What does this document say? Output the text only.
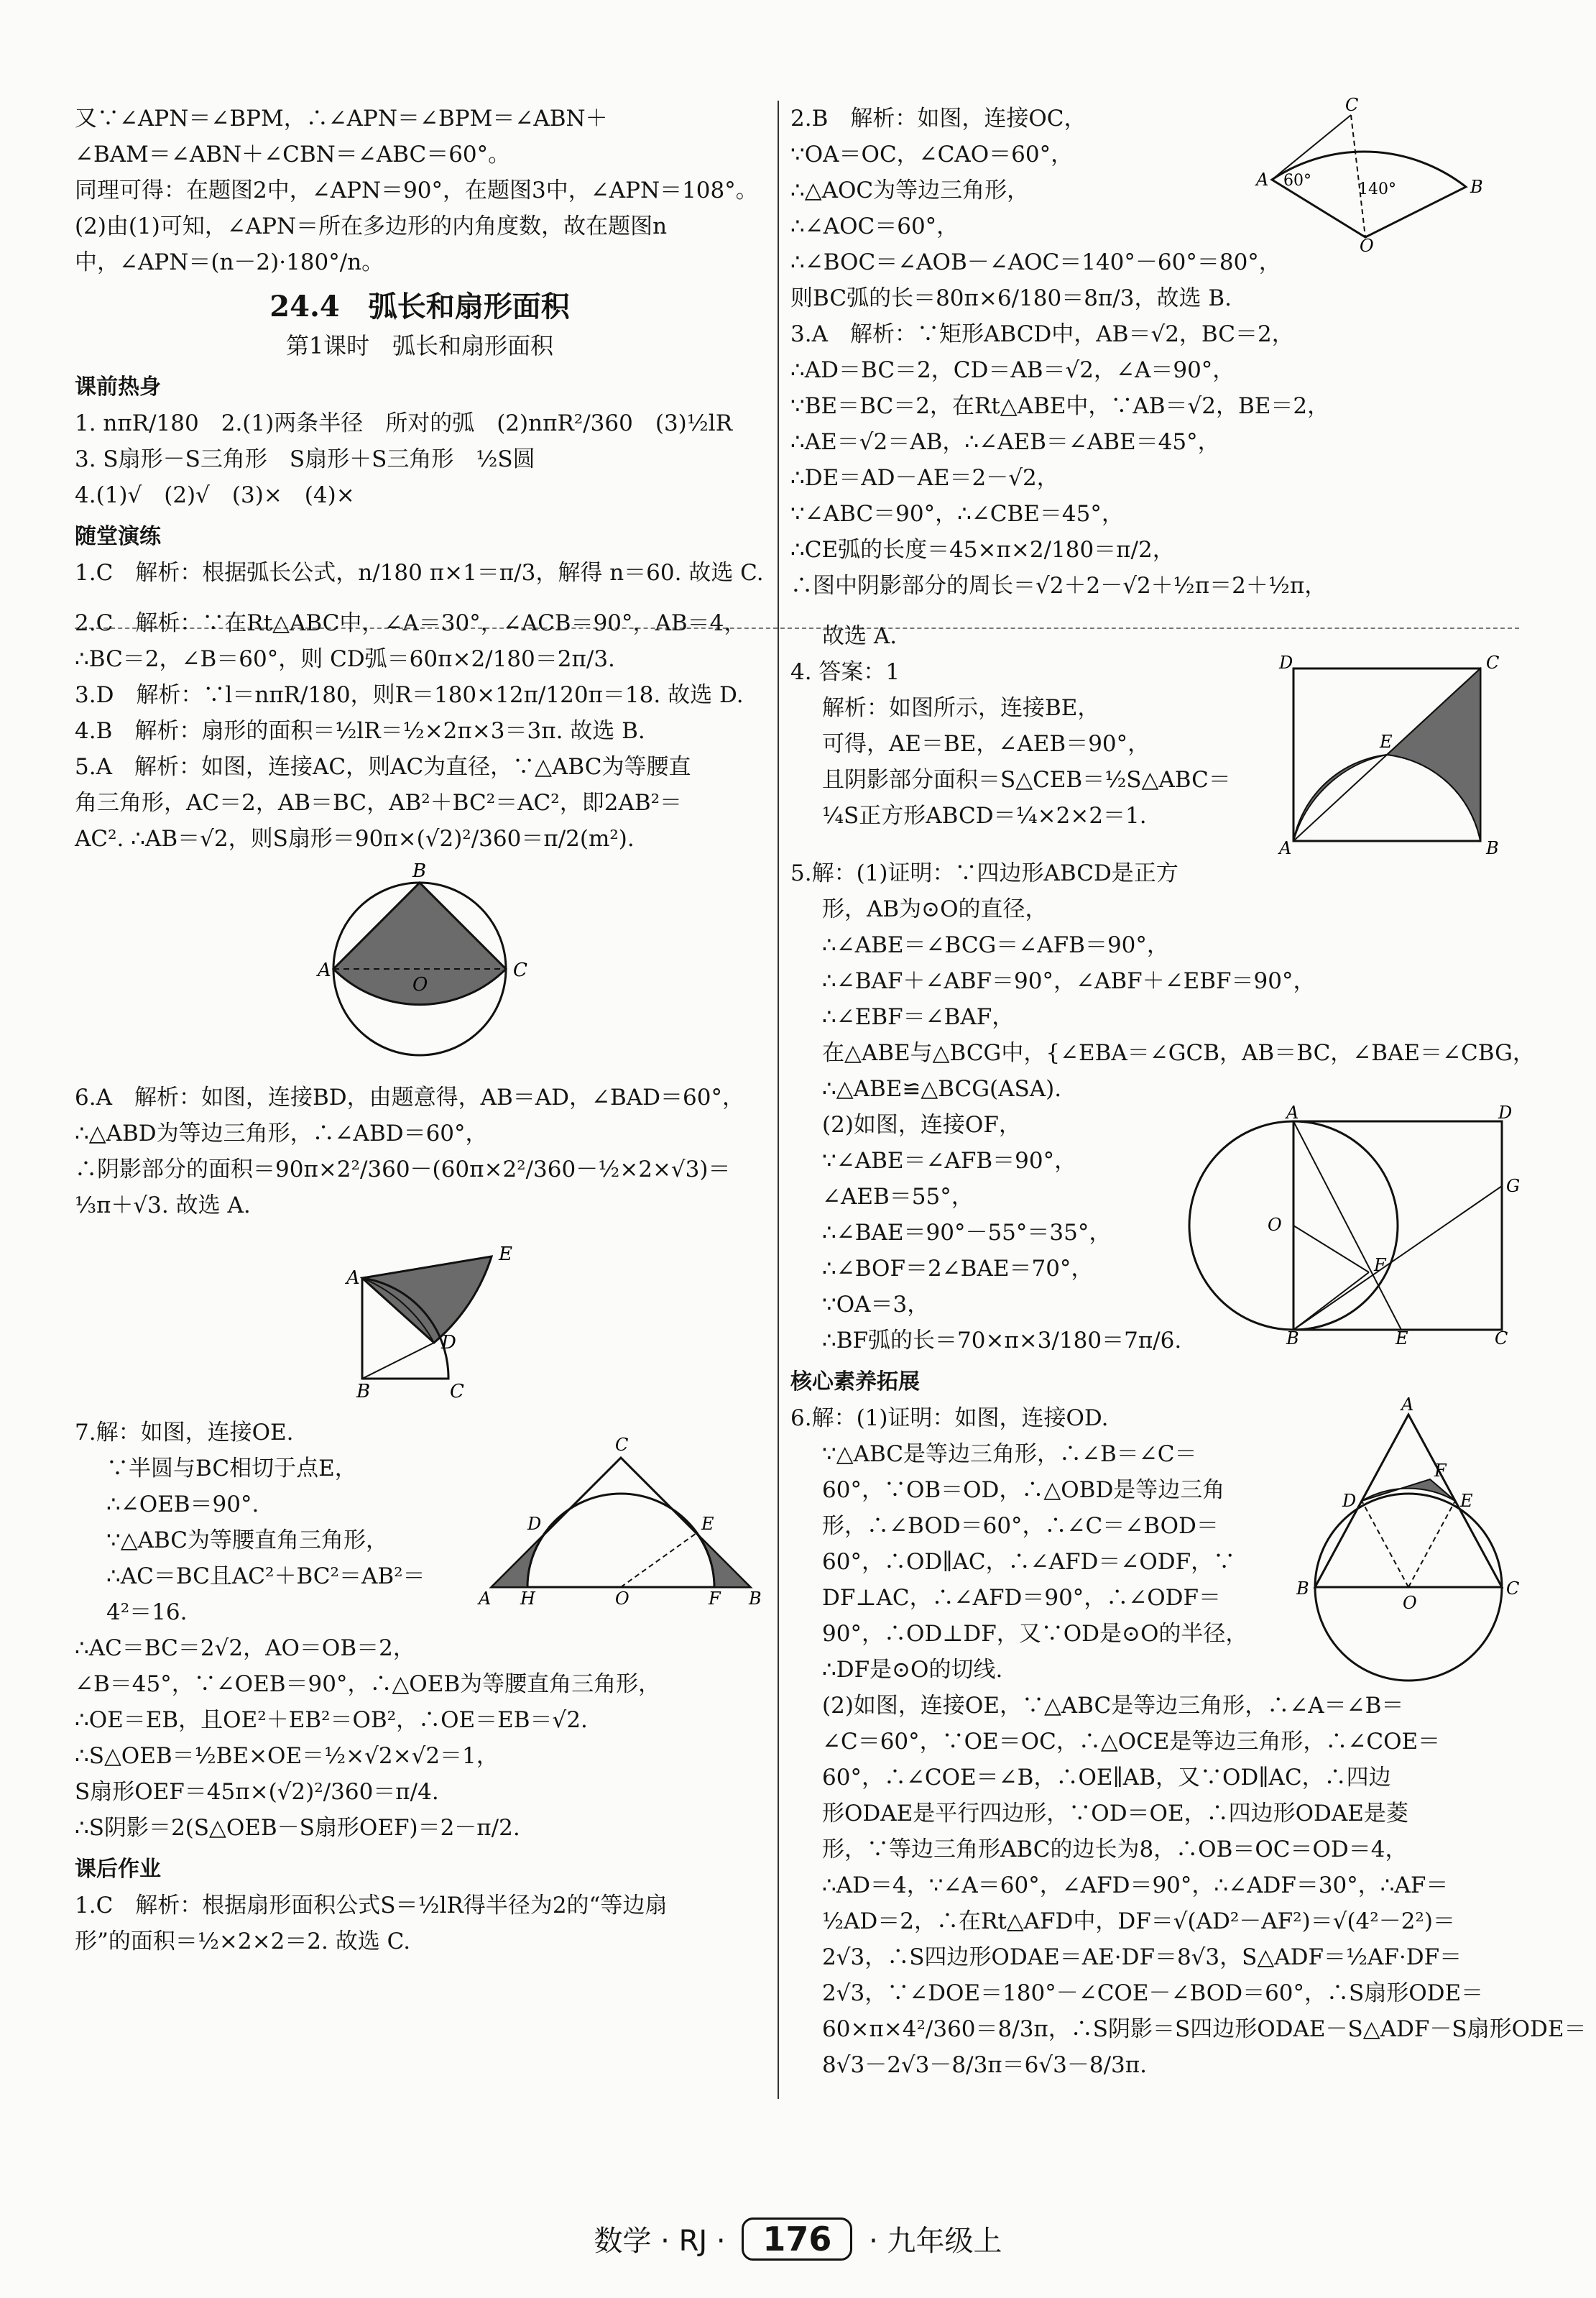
又∵∠APN＝∠BPM，∴∠APN＝∠BPM＝∠ABN＋
∠BAM＝∠ABN＋∠CBN＝∠ABC＝60°。
同理可得：在题图2中，∠APN＝90°，在题图3中，∠APN＝108°。
(2)由(1)可知，∠APN＝所在多边形的内角度数，故在题图n
中，∠APN＝(n－2)·180°/n。
24.4　弧长和扇形面积
第1课时　弧长和扇形面积
课前热身
1. nπR/180　2.(1)两条半径　所对的弧　(2)nπR²/360　(3)½lR
3. S扇形－S三角形　S扇形＋S三角形　½S圆
4.(1)√　(2)√　(3)×　(4)×
随堂演练
1.C　解析：根据弧长公式，n/180 π×1＝π/3，解得 n＝60. 故选 C.
2.C　解析：∵在Rt△ABC中，∠A＝30°，∠ACB＝90°，AB＝4，
∴BC＝2，∠B＝60°，则 CD弧＝60π×2/180＝2π/3.
3.D　解析：∵l＝nπR/180，则R＝180×12π/120π＝18. 故选 D.
4.B　解析：扇形的面积＝½lR＝½×2π×3＝3π. 故选 B.
5.A　解析：如图，连接AC，则AC为直径，∵△ABC为等腰直
角三角形，AC＝2，AB＝BC，AB²＋BC²＝AC²，即2AB²＝
AC². ∴AB＝√2，则S扇形＝90π×(√2)²/360＝π/2(m²).
A
B
C
O
6.A　解析：如图，连接BD，由题意得，AB＝AD，∠BAD＝60°，
∴△ABD为等边三角形，∴∠ABD＝60°，
∴阴影部分的面积＝90π×2²/360－(60π×2²/360－½×2×√3)＝
⅓π＋√3. 故选 A.
A
E
D
B	C
7.解：如图，连接OE.
∵半圆与BC相切于点E，
∴∠OEB＝90°.
∵△ABC为等腰直角三角形，
∴AC＝BC且AC²＋BC²＝AB²＝
4²＝16.
A H	O	F B
D	E
C
∴AC＝BC＝2√2，AO＝OB＝2，
∠B＝45°，∵∠OEB＝90°，∴△OEB为等腰直角三角形，
∴OE＝EB，且OE²＋EB²＝OB²，∴OE＝EB＝√2.
∴S△OEB＝½BE×OE＝½×√2×√2＝1，
S扇形OEF＝45π×(√2)²/360＝π/4.
∴S阴影＝2(S△OEB－S扇形OEF)＝2－π/2.
课后作业
1.C　解析：根据扇形面积公式S＝½lR得半径为2的“等边扇
形”的面积＝½×2×2＝2. 故选 C.
2.B　解析：如图，连接OC，
∵OA＝OC，∠CAO＝60°，
∴△AOC为等边三角形，
∴∠AOC＝60°，
∴∠BOC＝∠AOB－∠AOC＝140°－60°＝80°，
则BC弧的长＝80π×6/180＝8π/3，故选 B.
A
C
B
O
60°	140°
3.A　解析：∵矩形ABCD中，AB＝√2，BC＝2，
∴AD＝BC＝2，CD＝AB＝√2，∠A＝90°，
∵BE＝BC＝2，在Rt△ABE中，∵AB＝√2，BE＝2，
∴AE＝√2＝AB，∴∠AEB＝∠ABE＝45°，
∴DE＝AD－AE＝2－√2，
∵∠ABC＝90°，∴∠CBE＝45°，
∴CE弧的长度＝45×π×2/180＝π/2，
∴图中阴影部分的周长＝√2＋2－√2＋½π＝2＋½π，
故选 A.
4. 答案：1
解析：如图所示，连接BE，
可得，AE＝BE，∠AEB＝90°，
且阴影部分面积＝S△CEB＝½S△ABC＝
¼S正方形ABCD＝¼×2×2＝1.
D	C
A	B
E
5.解：(1)证明：∵四边形ABCD是正方
形，AB为⊙O的直径，
∴∠ABE＝∠BCG＝∠AFB＝90°，
∴∠BAF＋∠ABF＝90°，∠ABF＋∠EBF＝90°，
∴∠EBF＝∠BAF，
在△ABE与△BCG中，{∠EBA＝∠GCB，AB＝BC，∠BAE＝∠CBG，
∴△ABE≌△BCG(ASA).
(2)如图，连接OF，
∵∠ABE＝∠AFB＝90°，
∠AEB＝55°，
∴∠BAE＝90°－55°＝35°，
∴∠BOF＝2∠BAE＝70°，
∵OA＝3，
∴BF弧的长＝70×π×3/180＝7π/6.
A	D
G
O
F
B	E	C
核心素养拓展
6.解：(1)证明：如图，连接OD.
∵△ABC是等边三角形，∴∠B＝∠C＝
60°，∵OB＝OD，∴△OBD是等边三角
形，∴∠BOD＝60°，∴∠C＝∠BOD＝
60°，∴OD∥AC，∴∠AFD＝∠ODF，∵
DF⊥AC，∴∠AFD＝90°，∴∠ODF＝
90°，∴OD⊥DF，又∵OD是⊙O的半径，
∴DF是⊙O的切线.
A
F
D	E
B	C
O
(2)如图，连接OE，∵△ABC是等边三角形，∴∠A＝∠B＝
∠C＝60°，∵OE＝OC，∴△OCE是等边三角形，∴∠COE＝
60°，∴∠COE＝∠B，∴OE∥AB，又∵OD∥AC，∴四边
形ODAE是平行四边形，∵OD＝OE，∴四边形ODAE是菱
形，∵等边三角形ABC的边长为8，∴OB＝OC＝OD＝4，
∴AD＝4，∵∠A＝60°，∠AFD＝90°，∴∠ADF＝30°，∴AF＝
½AD＝2，∴在Rt△AFD中，DF＝√(AD²－AF²)＝√(4²－2²)＝
2√3，∴S四边形ODAE＝AE·DF＝8√3，S△ADF＝½AF·DF＝
2√3，∵∠DOE＝180°－∠COE－∠BOD＝60°，∴S扇形ODE＝
60×π×4²/360＝8/3π，∴S阴影＝S四边形ODAE－S△ADF－S扇形ODE＝
8√3－2√3－8/3π＝6√3－8/3π.
数学 · RJ · 176 · 九年级上
